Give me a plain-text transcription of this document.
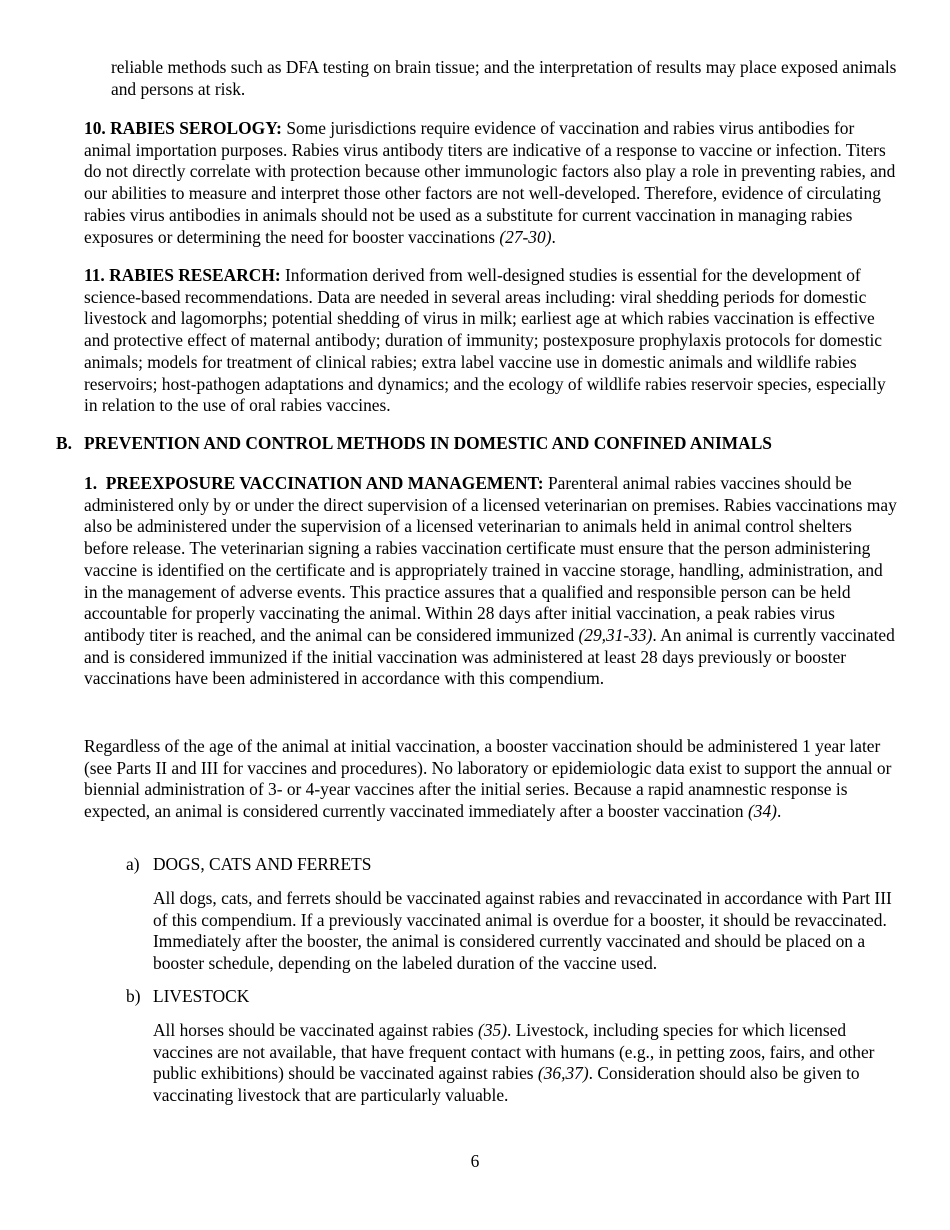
reliable methods such as DFA testing on brain tissue; and the interpretation of results may place exposed animals and persons at risk.

10. RABIES SEROLOGY: Some jurisdictions require evidence of vaccination and rabies virus antibodies for animal importation purposes. Rabies virus antibody titers are indicative of a response to vaccine or infection. Titers do not directly correlate with protection because other immunologic factors also play a role in preventing rabies, and our abilities to measure and interpret those other factors are not well-developed. Therefore, evidence of circulating rabies virus antibodies in animals should not be used as a substitute for current vaccination in managing rabies exposures or determining the need for booster vaccinations (27-30).

11. RABIES RESEARCH: Information derived from well-designed studies is essential for the development of science-based recommendations. Data are needed in several areas including: viral shedding periods for domestic livestock and lagomorphs; potential shedding of virus in milk; earliest age at which rabies vaccination is effective and protective effect of maternal antibody; duration of immunity; postexposure prophylaxis protocols for domestic animals; models for treatment of clinical rabies; extra label vaccine use in domestic animals and wildlife rabies reservoirs; host-pathogen adaptations and dynamics; and the ecology of wildlife rabies reservoir species, especially in relation to the use of oral rabies vaccines.

B. PREVENTION AND CONTROL METHODS IN DOMESTIC AND CONFINED ANIMALS

1. PREEXPOSURE VACCINATION AND MANAGEMENT: Parenteral animal rabies vaccines should be administered only by or under the direct supervision of a licensed veterinarian on premises. Rabies vaccinations may also be administered under the supervision of a licensed veterinarian to animals held in animal control shelters before release. The veterinarian signing a rabies vaccination certificate must ensure that the person administering vaccine is identified on the certificate and is appropriately trained in vaccine storage, handling, administration, and in the management of adverse events. This practice assures that a qualified and responsible person can be held accountable for properly vaccinating the animal. Within 28 days after initial vaccination, a peak rabies virus antibody titer is reached, and the animal can be considered immunized (29,31-33). An animal is currently vaccinated and is considered immunized if the initial vaccination was administered at least 28 days previously or booster vaccinations have been administered in accordance with this compendium.

Regardless of the age of the animal at initial vaccination, a booster vaccination should be administered 1 year later (see Parts II and III for vaccines and procedures). No laboratory or epidemiologic data exist to support the annual or biennial administration of 3- or 4-year vaccines after the initial series. Because a rapid anamnestic response is expected, an animal is considered currently vaccinated immediately after a booster vaccination (34).

a) DOGS, CATS AND FERRETS

All dogs, cats, and ferrets should be vaccinated against rabies and revaccinated in accordance with Part III of this compendium. If a previously vaccinated animal is overdue for a booster, it should be revaccinated. Immediately after the booster, the animal is considered currently vaccinated and should be placed on a booster schedule, depending on the labeled duration of the vaccine used.

b) LIVESTOCK

All horses should be vaccinated against rabies (35). Livestock, including species for which licensed vaccines are not available, that have frequent contact with humans (e.g., in petting zoos, fairs, and other public exhibitions) should be vaccinated against rabies (36,37). Consideration should also be given to vaccinating livestock that are particularly valuable.

6
